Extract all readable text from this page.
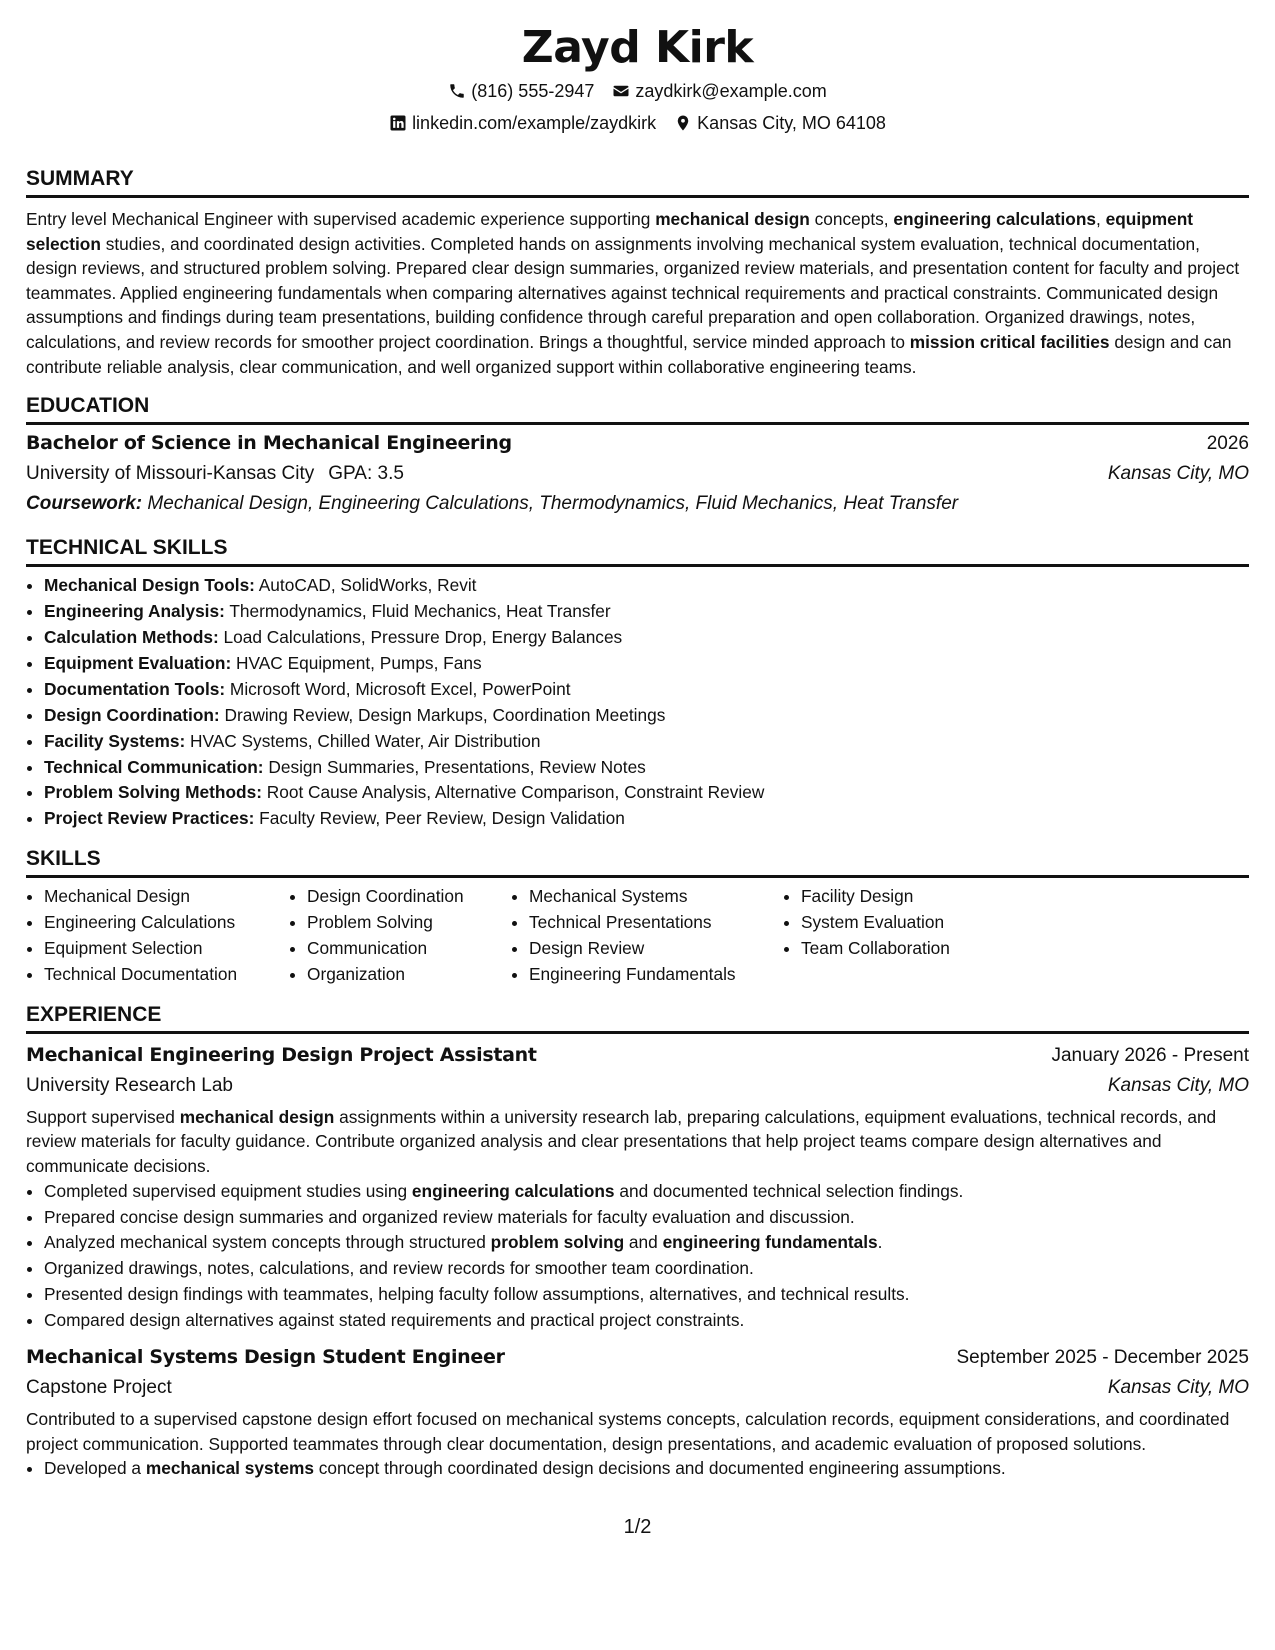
Zayd Kirk
(816) 555-2947 zaydkirk@example.com
linkedin.com/example/zaydkirk Kansas City, MO 64108
SUMMARY
Entry level Mechanical Engineer with supervised academic experience supporting mechanical design concepts, engineering calculations, equipment selection studies, and coordinated design activities. Completed hands on assignments involving mechanical system evaluation, technical documentation, design reviews, and structured problem solving. Prepared clear design summaries, organized review materials, and presentation content for faculty and project teammates. Applied engineering fundamentals when comparing alternatives against technical requirements and practical constraints. Communicated design assumptions and findings during team presentations, building confidence through careful preparation and open collaboration. Organized drawings, notes, calculations, and review records for smoother project coordination. Brings a thoughtful, service minded approach to mission critical facilities design and can contribute reliable analysis, clear communication, and well organized support within collaborative engineering teams.
EDUCATION
Bachelor of Science in Mechanical Engineering	2026
University of Missouri-Kansas City GPA: 3.5	Kansas City, MO
Coursework: Mechanical Design, Engineering Calculations, Thermodynamics, Fluid Mechanics, Heat Transfer
TECHNICAL SKILLS
• Mechanical Design Tools: AutoCAD, SolidWorks, Revit
• Engineering Analysis: Thermodynamics, Fluid Mechanics, Heat Transfer
• Calculation Methods: Load Calculations, Pressure Drop, Energy Balances
• Equipment Evaluation: HVAC Equipment, Pumps, Fans
• Documentation Tools: Microsoft Word, Microsoft Excel, PowerPoint
• Design Coordination: Drawing Review, Design Markups, Coordination Meetings
• Facility Systems: HVAC Systems, Chilled Water, Air Distribution
• Technical Communication: Design Summaries, Presentations, Review Notes
• Problem Solving Methods: Root Cause Analysis, Alternative Comparison, Constraint Review
• Project Review Practices: Faculty Review, Peer Review, Design Validation
SKILLS
• Mechanical Design
• Engineering Calculations
• Equipment Selection
• Technical Documentation
• Design Coordination
• Problem Solving
• Communication
• Organization
• Mechanical Systems
• Technical Presentations
• Design Review
• Engineering Fundamentals
• Facility Design
• System Evaluation
• Team Collaboration
EXPERIENCE
Mechanical Engineering Design Project Assistant	January 2026 - Present
University Research Lab	Kansas City, MO
Support supervised mechanical design assignments within a university research lab, preparing calculations, equipment evaluations, technical records, and review materials for faculty guidance. Contribute organized analysis and clear presentations that help project teams compare design alternatives and communicate decisions.
• Completed supervised equipment studies using engineering calculations and documented technical selection findings.
• Prepared concise design summaries and organized review materials for faculty evaluation and discussion.
• Analyzed mechanical system concepts through structured problem solving and engineering fundamentals.
• Organized drawings, notes, calculations, and review records for smoother team coordination.
• Presented design findings with teammates, helping faculty follow assumptions, alternatives, and technical results.
• Compared design alternatives against stated requirements and practical project constraints.
Mechanical Systems Design Student Engineer	September 2025 - December 2025
Capstone Project	Kansas City, MO
Contributed to a supervised capstone design effort focused on mechanical systems concepts, calculation records, equipment considerations, and coordinated project communication. Supported teammates through clear documentation, design presentations, and academic evaluation of proposed solutions.
• Developed a mechanical systems concept through coordinated design decisions and documented engineering assumptions.
1/2
